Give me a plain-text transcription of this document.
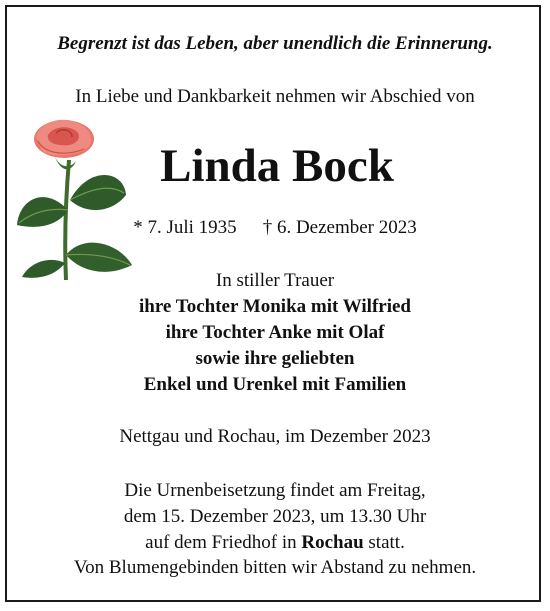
Begrenzt ist das Leben, aber unendlich die Erinnerung.
In Liebe und Dankbarkeit nehmen wir Abschied von
Linda Bock
* 7. Juli 1935 † 6. Dezember 2023
In stiller Trauer
ihre Tochter Monika mit Wilfried
ihre Tochter Anke mit Olaf
sowie ihre geliebten
Enkel und Urenkel mit Familien
Nettgau und Rochau, im Dezember 2023
Die Urnenbeisetzung findet am Freitag,
dem 15. Dezember 2023, um 13.30 Uhr
auf dem Friedhof in Rochau statt.
Von Blumengebinden bitten wir Abstand zu nehmen.
